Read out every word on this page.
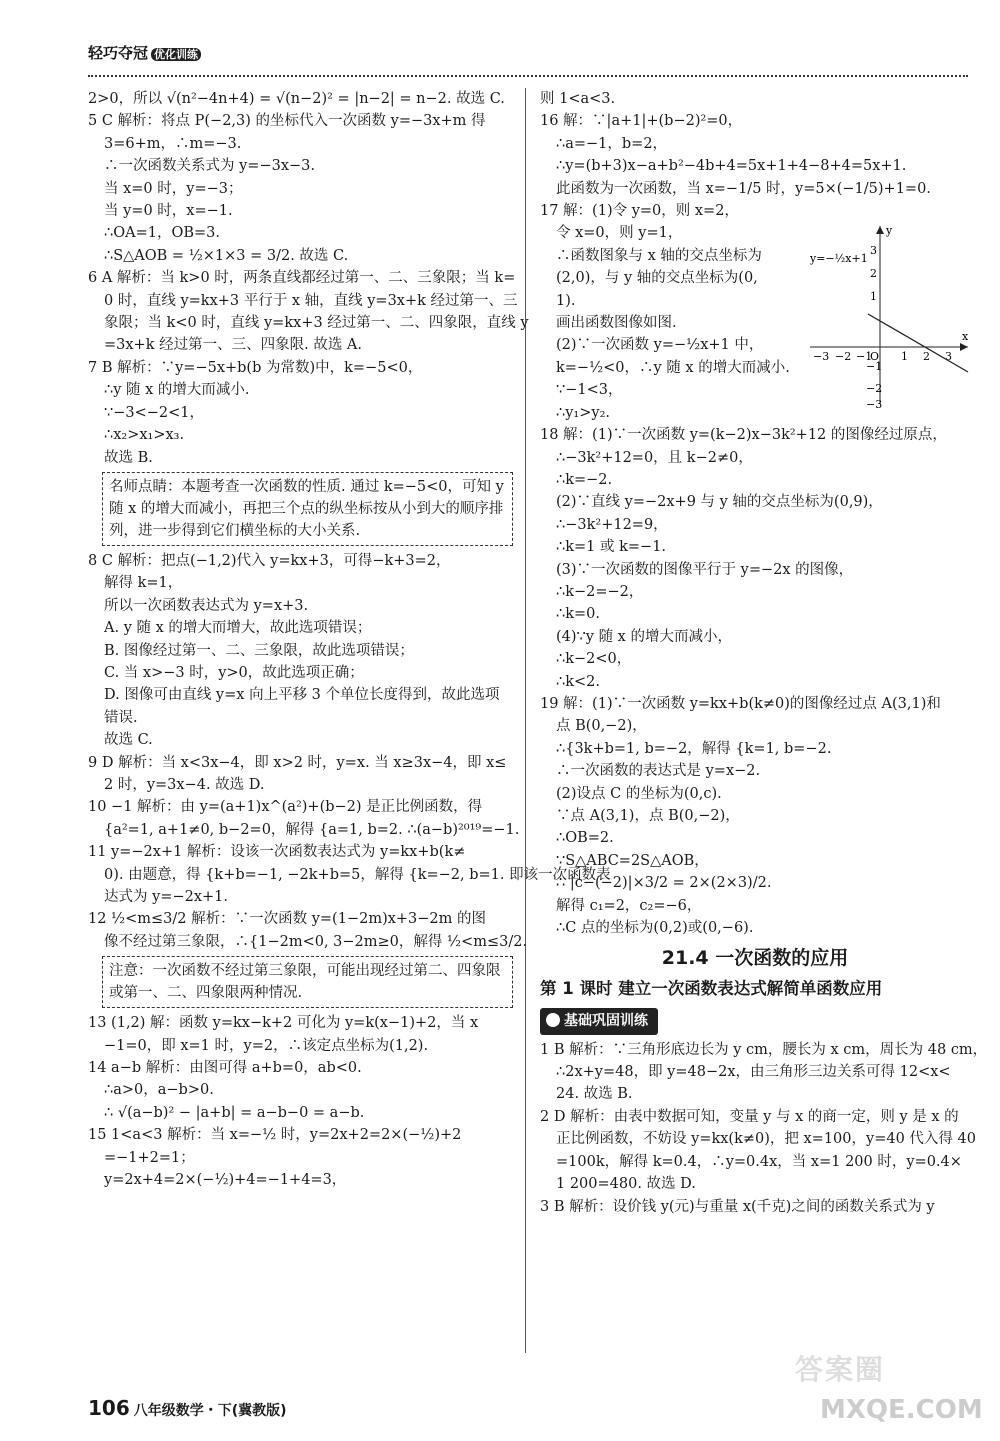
轻巧夺冠 优化训练
2>0，所以 √(n²−4n+4) = √(n−2)² = |n−2| = n−2. 故选 C.
5 C 解析：将点 P(−2,3) 的坐标代入一次函数 y=−3x+m 得
3=6+m，∴m=−3.
∴一次函数关系式为 y=−3x−3.
当 x=0 时，y=−3；
当 y=0 时，x=−1.
∴OA=1，OB=3.
∴S△AOB = ½×1×3 = 3/2. 故选 C.
6 A 解析：当 k>0 时，两条直线都经过第一、二、三象限；当 k=
0 时，直线 y=kx+3 平行于 x 轴，直线 y=3x+k 经过第一、三
象限；当 k<0 时，直线 y=kx+3 经过第一、二、四象限，直线 y
=3x+k 经过第一、三、四象限. 故选 A.
7 B 解析：∵y=−5x+b(b 为常数)中，k=−5<0，
∴y 随 x 的增大而减小.
∵−3<−2<1，
∴x₂>x₁>x₃.
故选 B.
名师点睛：本题考查一次函数的性质. 通过 k=−5<0，可知 y 随 x 的增大而减小，再把三个点的纵坐标按从小到大的顺序排列，进一步得到它们横坐标的大小关系.
8 C 解析：把点(−1,2)代入 y=kx+3，可得−k+3=2，
解得 k=1，
所以一次函数表达式为 y=x+3.
A. y 随 x 的增大而增大，故此选项错误；
B. 图像经过第一、二、三象限，故此选项错误；
C. 当 x>−3 时，y>0，故此选项正确；
D. 图像可由直线 y=x 向上平移 3 个单位长度得到，故此选项
错误.
故选 C.
9 D 解析：当 x<3x−4，即 x>2 时，y=x. 当 x≥3x−4，即 x≤
2 时，y=3x−4. 故选 D.
10 −1 解析：由 y=(a+1)x^(a²)+(b−2) 是正比例函数，得
{a²=1, a+1≠0, b−2=0，解得 {a=1, b=2. ∴(a−b)²⁰¹⁹=−1.
11 y=−2x+1 解析：设该一次函数表达式为 y=kx+b(k≠
0). 由题意，得 {k+b=−1, −2k+b=5，解得 {k=−2, b=1. 即该一次函数表
达式为 y=−2x+1.
12 ½<m≤3/2 解析：∵一次函数 y=(1−2m)x+3−2m 的图
像不经过第三象限，∴{1−2m<0, 3−2m≥0，解得 ½<m≤3/2.
注意：一次函数不经过第三象限，可能出现经过第二、四象限或第一、二、四象限两种情况.
13 (1,2) 解：函数 y=kx−k+2 可化为 y=k(x−1)+2，当 x
−1=0，即 x=1 时，y=2，∴该定点坐标为(1,2).
14 a−b 解析：由图可得 a+b=0，ab<0.
∴a>0，a−b>0.
∴ √(a−b)² − |a+b| = a−b−0 = a−b.
15 1<a<3 解析：当 x=−½ 时，y=2x+2=2×(−½)+2
=−1+2=1；
y=2x+4=2×(−½)+4=−1+4=3，
则 1<a<3.
16 解：∵|a+1|+(b−2)²=0，
∴a=−1，b=2，
∴y=(b+3)x−a+b²−4b+4=5x+1+4−8+4=5x+1.
此函数为一次函数，当 x=−1/5 时，y=5×(−1/5)+1=0.
17 解：(1)令 y=0，则 x=2，
令 x=0，则 y=1，
∴函数图象与 x 轴的交点坐标为
(2,0)，与 y 轴的交点坐标为(0,
1).
画出函数图像如图.
(2)∵一次函数 y=−½x+1 中，
k=−½<0，∴y 随 x 的增大而减小.
∵−1<3，
∴y₁>y₂.
18 解：(1)∵一次函数 y=(k−2)x−3k²+12 的图像经过原点，
∴−3k²+12=0，且 k−2≠0，
∴k=−2.
(2)∵直线 y=−2x+9 与 y 轴的交点坐标为(0,9)，
∴−3k²+12=9，
∴k=1 或 k=−1.
(3)∵一次函数的图像平行于 y=−2x 的图像，
∴k−2=−2，
∴k=0.
(4)∵y 随 x 的增大而减小，
∴k−2<0，
∴k<2.
19 解：(1)∵一次函数 y=kx+b(k≠0)的图像经过点 A(3,1)和
点 B(0,−2)，
∴{3k+b=1, b=−2，解得 {k=1, b=−2.
∴一次函数的表达式是 y=x−2.
(2)设点 C 的坐标为(0,c).
∵点 A(3,1)，点 B(0,−2)，
∴OB=2.
∵S△ABC=2S△AOB，
∴ |c−(−2)|×3/2 = 2×(2×3)/2.
解得 c₁=2，c₂=−6，
∴C 点的坐标为(0,2)或(0,−6).
21.4 一次函数的应用
第 1 课时 建立一次函数表达式解简单函数应用
基础巩固训练
1 B 解析：∵三角形底边长为 y cm，腰长为 x cm，周长为 48 cm，
∴2x+y=48，即 y=48−2x，由三角形三边关系可得 12<x<
24. 故选 B.
2 D 解析：由表中数据可知，变量 y 与 x 的商一定，则 y 是 x 的
正比例函数，不妨设 y=kx(k≠0)，把 x=100，y=40 代入得 40
=100k，解得 k=0.4，∴y=0.4x，当 x=1 200 时，y=0.4×
1 200=480. 故选 D.
3 B 解析：设价钱 y(元)与重量 x(千克)之间的函数关系式为 y
x
y
O
−3 −2 −1	1 2 3
3
2
1
−1
−2
−3
y=−½x+1
106 八年级数学・下(冀教版)
答案圈
MXQE.COM
